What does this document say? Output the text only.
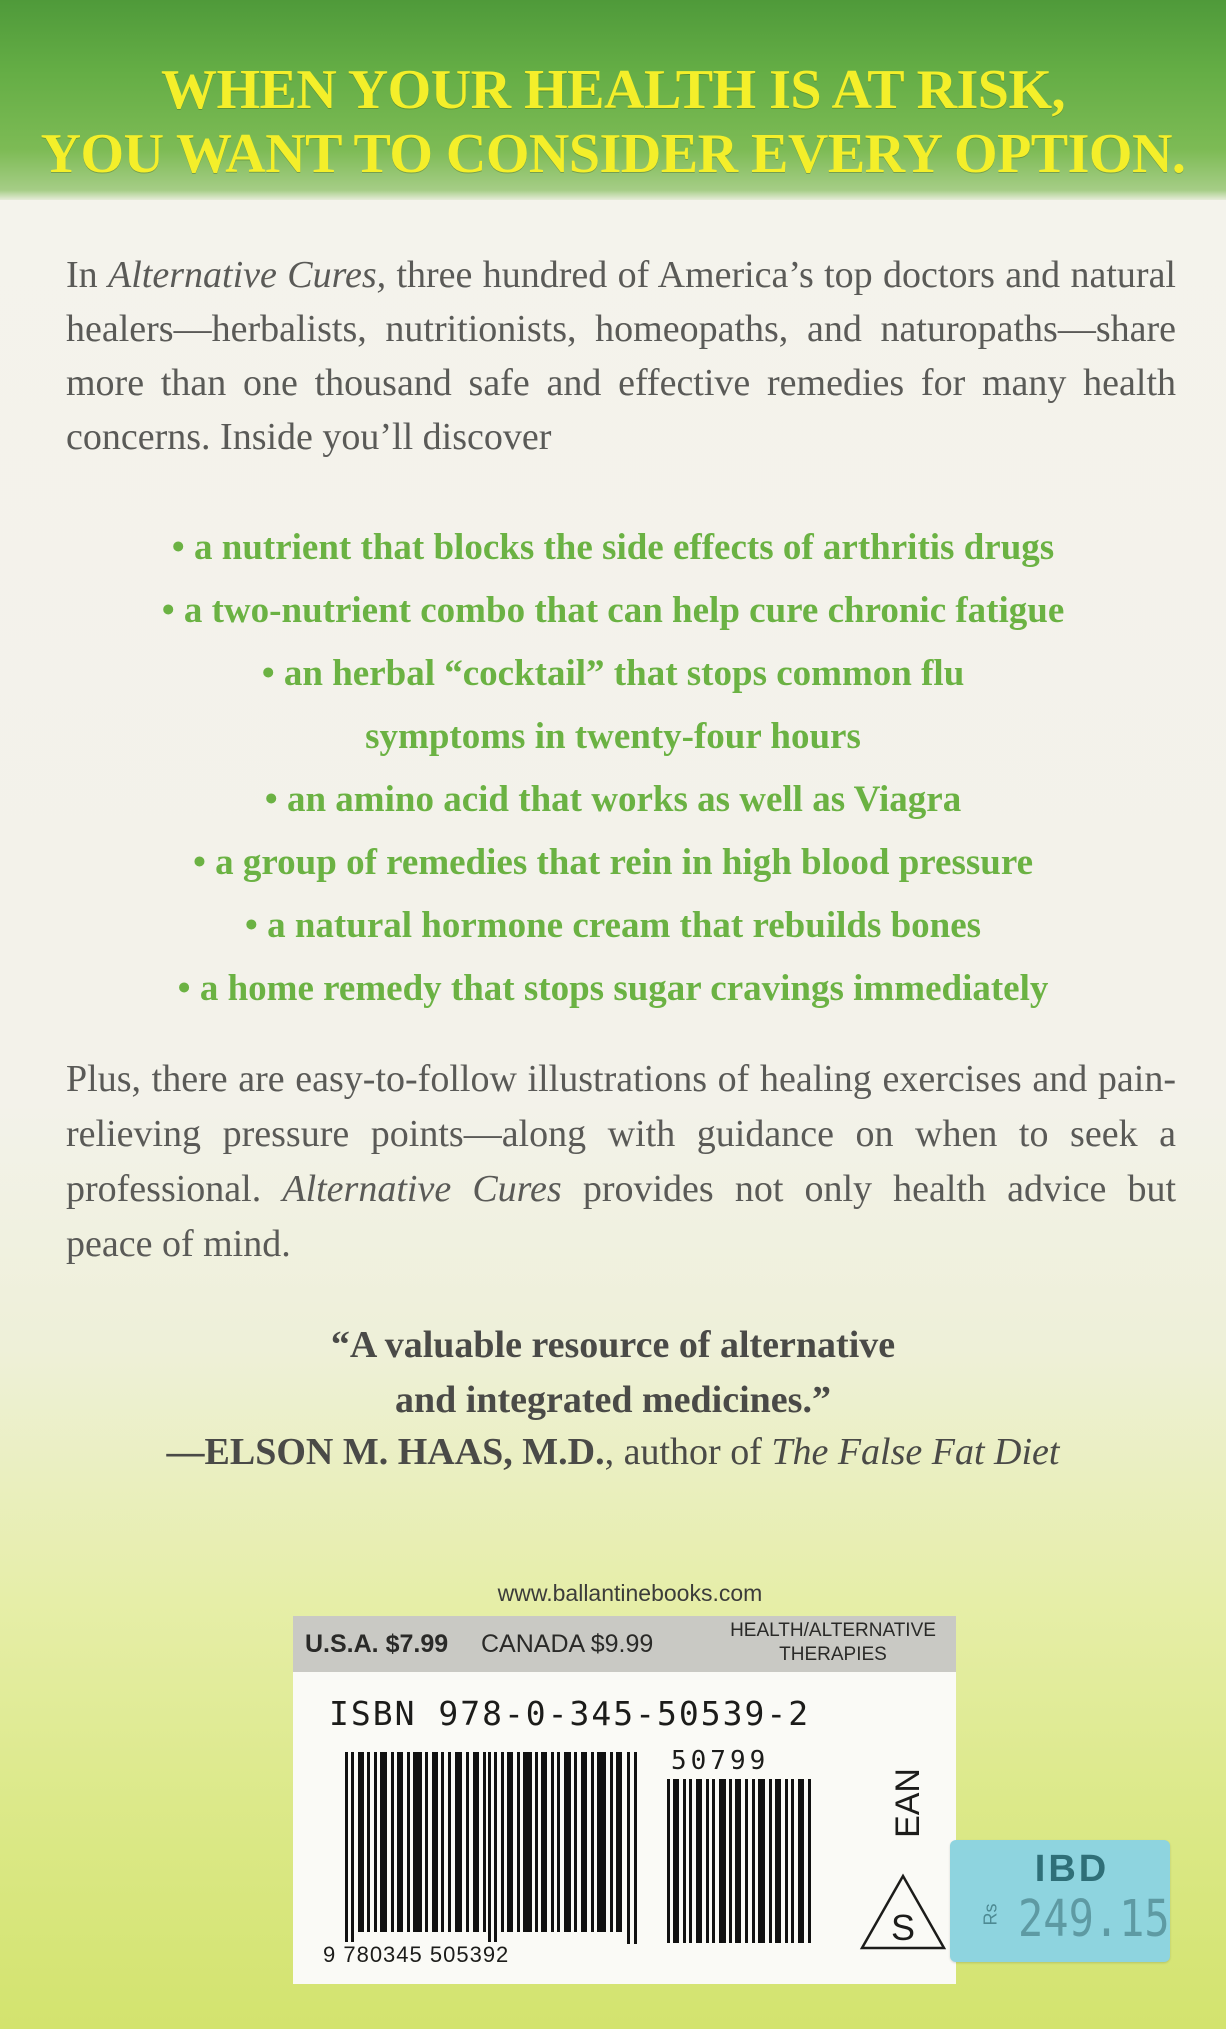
WHEN YOUR HEALTH IS AT RISK,
YOU WANT TO CONSIDER EVERY OPTION.
In Alternative Cures, three hundred of America’s top doctors and natural healers—herbalists, nutritionists, homeopaths, and naturopaths—share more than one thousand safe and effective remedies for many health concerns. Inside you’ll discover
• a nutrient that blocks the side effects of arthritis drugs
• a two-nutrient combo that can help cure chronic fatigue
• an herbal “cocktail” that stops common flu
symptoms in twenty-four hours
• an amino acid that works as well as Viagra
• a group of remedies that rein in high blood pressure
• a natural hormone cream that rebuilds bones
• a home remedy that stops sugar cravings immediately
Plus, there are easy-to-follow illustrations of healing exercises and pain-relieving pressure points—along with guidance on when to seek a professional. Alternative Cures provides not only health advice but peace of mind.
“A valuable resource of alternative
and integrated medicines.”
—ELSON M. HAAS, M.D., author of The False Fat Diet
www.ballantinebooks.com
U.S.A. $7.99 CANADA $9.99	HEALTH/ALTERNATIVE
THERAPIES
ISBN 978-0-345-50539-2
50799
9 780345 505392
EAN
S
IBD
Rs 249.15
